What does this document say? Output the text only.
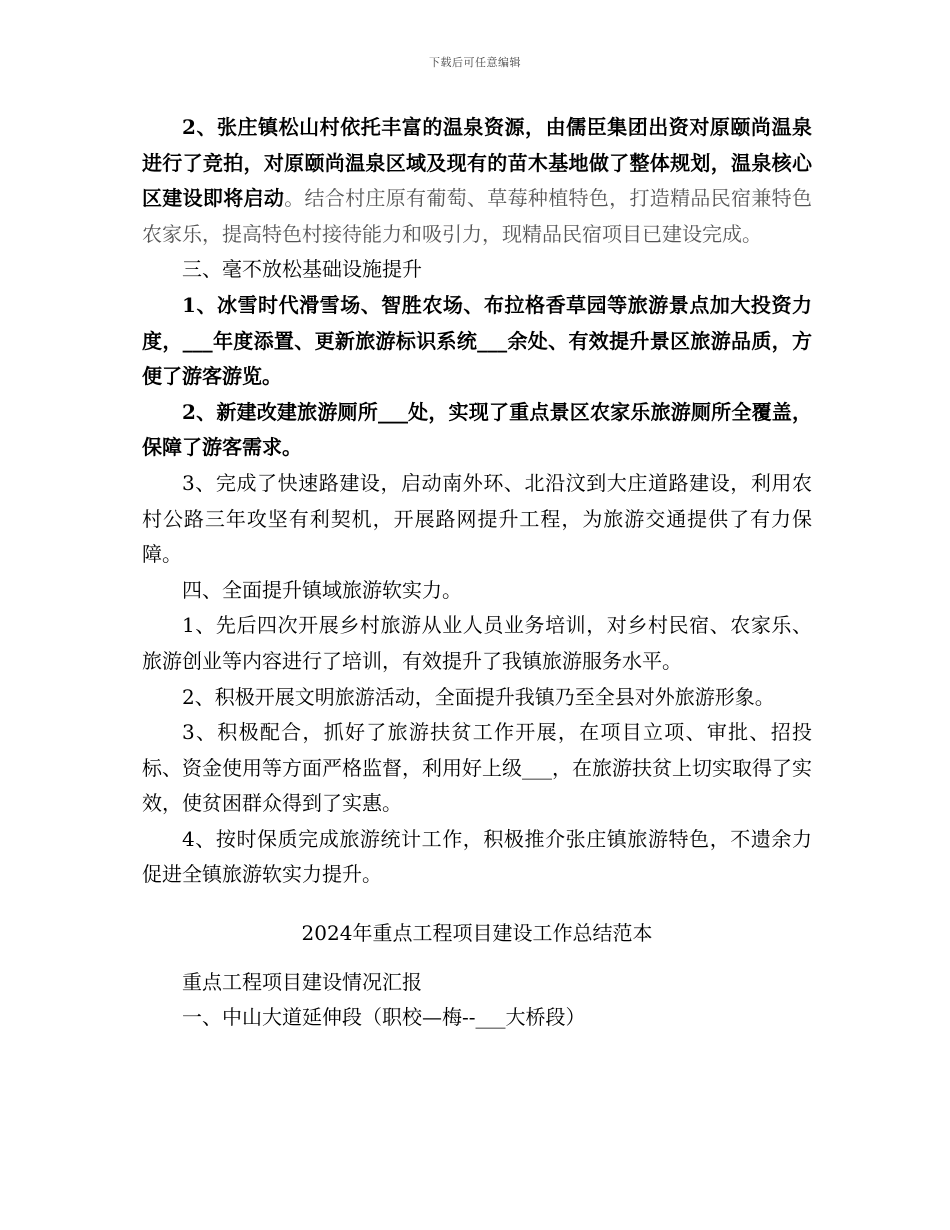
下载后可任意编辑

2、张庄镇松山村依托丰富的温泉资源，由儒臣集团出资对原颐尚温泉进行了竞拍，对原颐尚温泉区域及现有的苗木基地做了整体规划，温泉核心区建设即将启动。结合村庄原有葡萄、草莓种植特色，打造精品民宿兼特色农家乐，提高特色村接待能力和吸引力，现精品民宿项目已建设完成。

三、毫不放松基础设施提升

1、冰雪时代滑雪场、智胜农场、布拉格香草园等旅游景点加大投资力度，___年度添置、更新旅游标识系统___余处、有效提升景区旅游品质，方便了游客游览。

2、新建改建旅游厕所___处，实现了重点景区农家乐旅游厕所全覆盖，保障了游客需求。

3、完成了快速路建设，启动南外环、北沿汶到大庄道路建设，利用农村公路三年攻坚有利契机，开展路网提升工程，为旅游交通提供了有力保障。

四、全面提升镇域旅游软实力。

1、先后四次开展乡村旅游从业人员业务培训，对乡村民宿、农家乐、旅游创业等内容进行了培训，有效提升了我镇旅游服务水平。

2、积极开展文明旅游活动，全面提升我镇乃至全县对外旅游形象。

3、积极配合，抓好了旅游扶贫工作开展，在项目立项、审批、招投标、资金使用等方面严格监督，利用好上级___，在旅游扶贫上切实取得了实效，使贫困群众得到了实惠。

4、按时保质完成旅游统计工作，积极推介张庄镇旅游特色，不遗余力促进全镇旅游软实力提升。

2024年重点工程项目建设工作总结范本

重点工程项目建设情况汇报

一、中山大道延伸段（职校—梅--___大桥段）
